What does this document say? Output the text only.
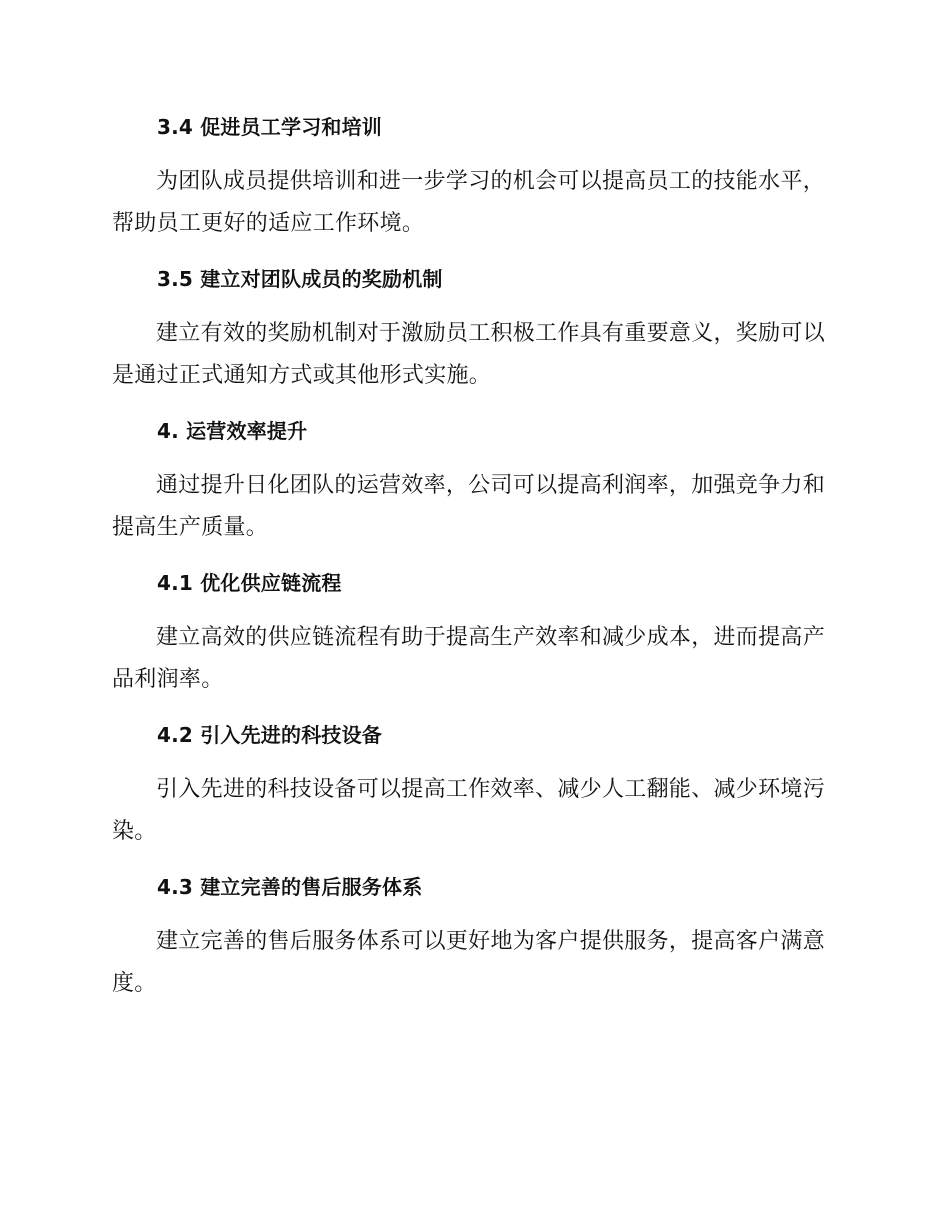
3.4 促进员工学习和培训
为团队成员提供培训和进一步学习的机会可以提高员工的技能水平，帮助员工更好的适应工作环境。
3.5 建立对团队成员的奖励机制
建立有效的奖励机制对于激励员工积极工作具有重要意义，奖励可以是通过正式通知方式或其他形式实施。
4. 运营效率提升
通过提升日化团队的运营效率，公司可以提高利润率，加强竞争力和提高生产质量。
4.1 优化供应链流程
建立高效的供应链流程有助于提高生产效率和减少成本，进而提高产品利润率。
4.2 引入先进的科技设备
引入先进的科技设备可以提高工作效率、减少人工翻能、减少环境污染。
4.3 建立完善的售后服务体系
建立完善的售后服务体系可以更好地为客户提供服务，提高客户满意度。
